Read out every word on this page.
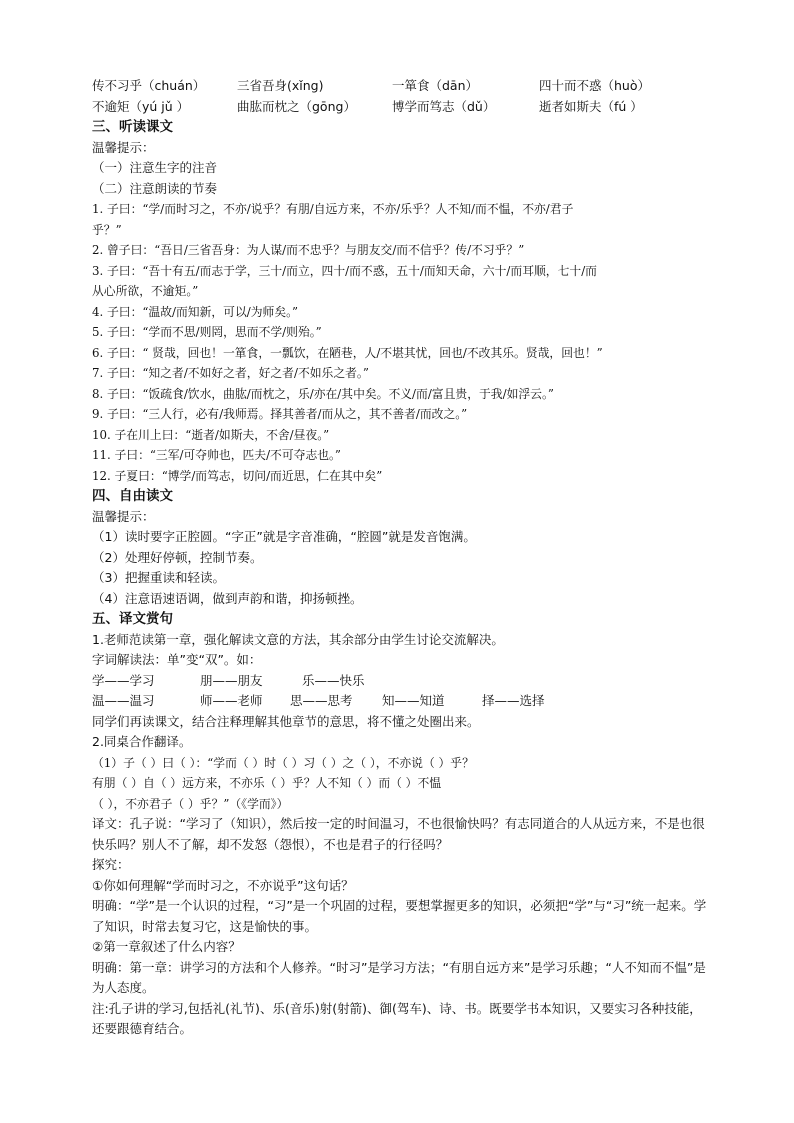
传不习乎（chuán）	三省吾身(xǐng)	一箪食（dān）	四十而不惑（huò）
不逾矩（yú jǔ ）	曲肱而枕之（gōng）	博学而笃志（dǔ）	逝者如斯夫（fú ）
三、听读课文
温馨提示：
（一）注意生字的注音
（二）注意朗读的节奏
1. 子曰：“学/而时习之，不亦/说乎？有朋/自远方来，不亦/乐乎？人不知/而不愠，不亦/君子
乎？”
2. 曾子曰：“吾日/三省吾身：为人谋/而不忠乎？与朋友交/而不信乎？传/不习乎？”
3. 子曰：“吾十有五/而志于学，三十/而立，四十/而不惑，五十/而知天命，六十/而耳顺，七十/而
从心所欲，不逾矩。”
4. 子曰：“温故/而知新，可以/为师矣。”
5. 子曰：“学而不思/则罔，思而不学/则殆。”
6. 子曰：“ 贤哉，回也！一箪食，一瓢饮，在陋巷，人/不堪其忧，回也/不改其乐。贤哉，回也！”
7. 子曰：“知之者/不如好之者，好之者/不如乐之者。”
8. 子曰：“饭疏食/饮水，曲肱/而枕之，乐/亦在/其中矣。不义/而/富且贵，于我/如浮云。”
9. 子曰：“三人行，必有/我师焉。择其善者/而从之，其不善者/而改之。”
10. 子在川上曰：“逝者/如斯夫，不舍/昼夜。”
11. 子曰：“三军/可夺帅也，匹夫/不可夺志也。”
12. 子夏曰：“博学/而笃志，切问/而近思，仁在其中矣”
四、自由读文
温馨提示：
（1）读时要字正腔圆。“字正”就是字音准确，“腔圆”就是发音饱满。
（2）处理好停顿，控制节奏。
（3）把握重读和轻读。
（4）注意语速语调，做到声韵和谐，抑扬顿挫。
五、译文赏句
1.老师范读第一章，强化解读文意的方法，其余部分由学生讨论交流解决。
字词解读法：单”变“双”。如：
学——学习	朋——朋友	乐——快乐
温——温习	师——老师 思——思考 知——知道	择——选择
同学们再读课文，结合注释理解其他章节的意思，将不懂之处圈出来。
2.同桌合作翻译。
（1）子（ ）曰（ ）：“学而（ ）时（ ）习（ ）之（ ），不亦说（ ）乎？
有朋（ ）自（ ）远方来，不亦乐（ ）乎？人不知（ ）而（ ）不愠
（ ），不亦君子（ ）乎？”（《学而》）
译文：孔子说：“学习了（知识），然后按一定的时间温习，不也很愉快吗？有志同道合的人从远方来，不是也很快乐吗？别人不了解，却不发怒（怨恨），不也是君子的行径吗？
探究：
①你如何理解“学而时习之，不亦说乎”这句话？
明确：“学”是一个认识的过程，“习”是一个巩固的过程，要想掌握更多的知识，必须把“学”与“习”统一起来。学了知识，时常去复习它，这是愉快的事。
②第一章叙述了什么内容？
明确：第一章：讲学习的方法和个人修养。“时习”是学习方法；“有朋自远方来”是学习乐趣；“人不知而不愠”是为人态度。
注:孔子讲的学习,包括礼(礼节)、乐(音乐)射(射箭)、御(驾车)、诗、书。既要学书本知识，又要实习各种技能，还要跟德育结合。
